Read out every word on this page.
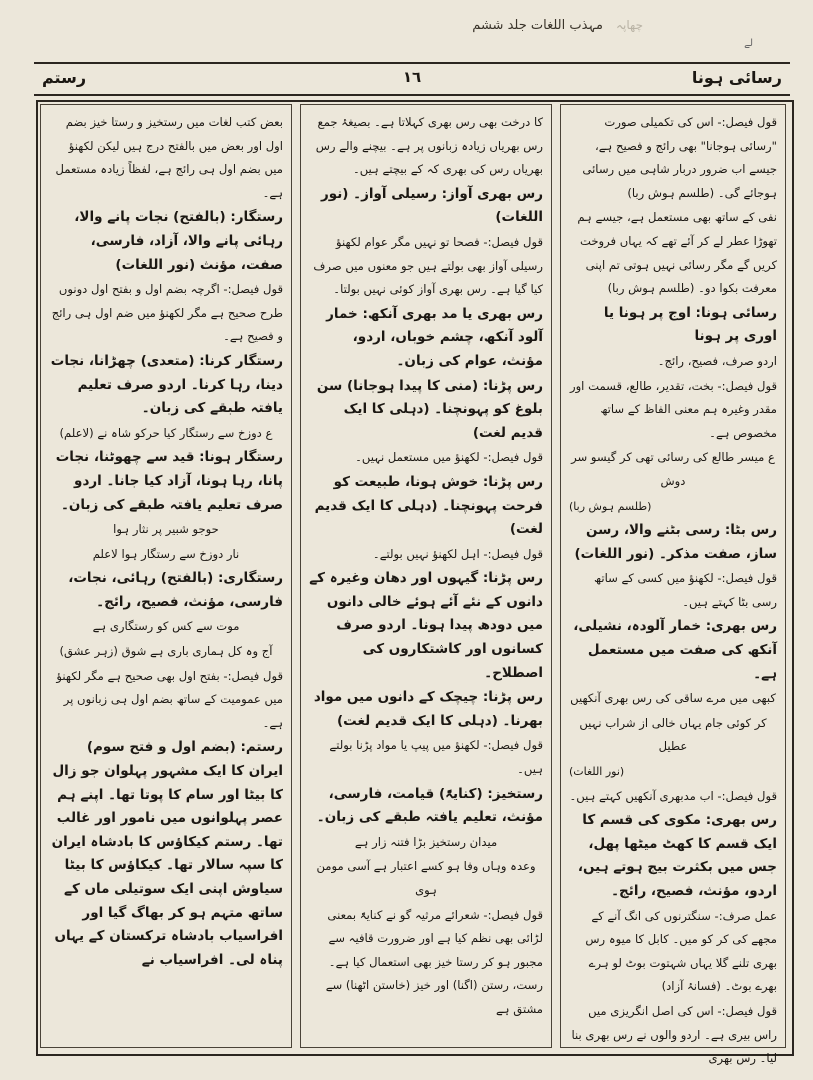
مہذب اللغات جلد ششم چھاپہ
لے
رسائی ہونا
١٦
رستم

قول فیصل:- اس کی تکمیلی صورت "رسائی ہوجانا" بھی رائج و فصیح ہے، جیسے اب ضرور دربار شاہی میں رسائی ہوجائے گی۔ (طلسم ہوش ربا)

نفی کے ساتھ بھی مستعمل ہے، جیسے ہم تھوڑا عطر لے کر آئے تھے کہ یہاں فروخت کریں گے مگر رسائی نہیں ہوتی تم اپنی معرفت بکوا دو۔ (طلسم ہوش ربا)

رسائی ہونا: اوج پر ہونا یا اوری پر ہونا

اردو صرف، فصیح، رائج۔

قول فیصل:- بخت، تقدیر، طالع، قسمت اور مقدر وغیرہ ہم معنی الفاظ کے ساتھ مخصوص ہے۔

ع میسر طالع کی رسائی تھی کر گیسو سر دوش

(طلسم ہوش ربا)

رس بٹا: رسی بٹنے والا، رسن ساز، صفت مذکر۔ (نور اللغات)

قول فیصل:- لکھنؤ میں کسی کے ساتھ رسی بٹا کہتے ہیں۔

رس بھری: خمار آلودہ، نشیلی، آنکھ کی صفت میں مستعمل ہے۔

کبھی میں مرے ساقی کی رس بھری آنکھیں

کر کوئی جام یہاں خالی از شراب نہیں عطیل

(نور اللغات)

قول فیصل:- اب مدبھری آنکھیں کہتے ہیں۔

رس بھری: مکوی کی قسم کا ایک قسم کا کھٹ میٹھا پھل، جس میں بکثرت بیج ہوتے ہیں، اردو، مؤنث، فصیح، رائج۔

عمل صرف:- سنگترنوں کی انگ آنے کے مجھے کی کر کو میں۔ کابل کا میوہ رس بھری تلنے گلا یہاں شہتوت بوٹ لو ہرے بھرے بوٹ۔ (فسانۂ آزاد)

قول فیصل:- اس کی اصل انگریزی میں راس بیری ہے۔ اردو والوں نے رس بھری بنا لیا۔ رس بھری

کا درخت بھی رس بھری کہلاتا ہے۔ بصیغۂ جمع رس بھریاں زیادہ زبانوں پر ہے۔ بیچنے والے رس بھریاں رس کی بھری کہ کے بیچتے ہیں۔

رس بھری آواز: رسیلی آواز۔ (نور اللغات)

قول فیصل:- فصحا تو نہیں مگر عوام لکھنؤ رسیلی آواز بھی بولتے ہیں جو معنوں میں صرف کیا گیا ہے۔ رس بھری آواز کوئی نہیں بولتا۔

رس بھری یا مد بھری آنکھ: خمار آلود آنکھ، چشم خوباں، اردو، مؤنث، عوام کی زبان۔

رس پڑنا: (منی کا پیدا ہوجانا) سن بلوغ کو پہونچنا۔ (دہلی کا ایک قدیم لغت)

قول فیصل:- لکھنؤ میں مستعمل نہیں۔

رس پڑنا: خوش ہونا، طبیعت کو فرحت پہونچنا۔ (دہلی کا ایک قدیم لغت)

قول فیصل:- اہل لکھنؤ نہیں بولتے۔

رس پڑنا: گیہوں اور دھان وغیرہ کے دانوں کے نئے آئے ہوئے خالی دانوں میں دودھ پیدا ہونا۔ اردو صرف کسانوں اور کاشتکاروں کی اصطلاح۔

رس پڑنا: چیچک کے دانوں میں مواد بھرنا۔ (دہلی کا ایک قدیم لغت)

قول فیصل:- لکھنؤ میں پیپ یا مواد پڑنا بولتے ہیں۔

رستخیز: (کنایۃً) قیامت، فارسی، مؤنث، تعلیم یافتہ طبقے کی زبان۔

میدان رستخیز بڑا فتنہ زار ہے

وعدہ وہاں وفا ہو کسے اعتبار ہے آسی مومن ہوی

قول فیصل:- شعرائے مرثیہ گو نے کنایۃً بمعنی لڑائی بھی نظم کیا ہے اور ضرورت قافیہ سے مجبور ہو کر رستا خیز بھی استعمال کیا ہے۔ رست، رستن (اگنا) اور خیز (خاستن اٹھنا) سے مشتق ہے

بعض کتب لغات میں رستخیز و رستا خیز بضم اول اور بعض میں بالفتح درج ہیں لیکن لکھنؤ میں بضم اول ہی رائج ہے، لفظاً زیادہ مستعمل ہے۔

رستگار: (بالفتح) نجات پانے والا، رہائی پانے والا، آزاد، فارسی، صفت، مؤنث (نور اللغات)

قول فیصل:- اگرچہ بضم اول و بفتح اول دونوں طرح صحیح ہے مگر لکھنؤ میں ضم اول ہی رائج و فصیح ہے۔

رستگار کرنا: (متعدی) چھڑانا، نجات دینا، رہا کرنا۔ اردو صرف تعلیم یافتہ طبقے کی زبان۔

ع دوزخ سے رستگار کیا حرکو شاہ نے (لاعلم)

رستگار ہونا: قید سے چھوٹنا، نجات پانا، رہا ہونا، آزاد کیا جانا۔ اردو صرف تعلیم یافتہ طبقے کی زبان۔

حوجو شبیر پر نثار ہوا

نار دوزخ سے رستگار ہوا لاعلم

رستگاری: (بالفتح) رہائی، نجات، فارسی، مؤنث، فصیح، رائج۔

موت سے کس کو رستگاری ہے

آج وہ کل ہماری باری ہے شوق (زہر عشق)

قول فیصل:- بفتح اول بھی صحیح ہے مگر لکھنؤ میں عمومیت کے ساتھ بضم اول ہی زبانوں پر ہے۔

رستم: (بضم اول و فتح سوم) ایران کا ایک مشہور پہلوان جو زال کا بیٹا اور سام کا پوتا تھا۔ اپنے ہم عصر پہلوانوں میں نامور اور غالب تھا۔ رستم کیکاؤس کا بادشاہ ایران کا سپہ سالار تھا۔ کیکاؤس کا بیٹا سیاوش اپنی ایک سوتیلی ماں کے ساتھ متہم ہو کر بھاگ گیا اور افراسیاب بادشاہ ترکستان کے یہاں پناہ لی۔ افراسیاب نے
